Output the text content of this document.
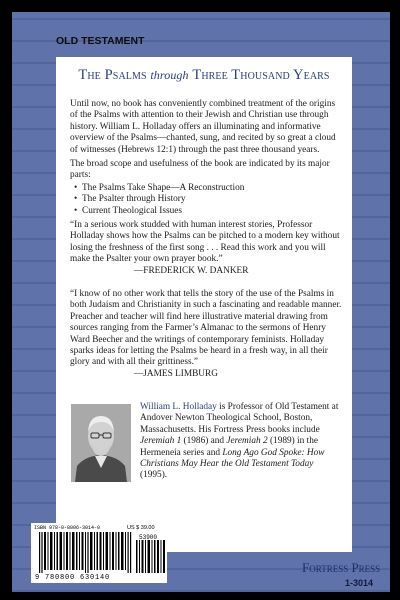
OLD TESTAMENT
The Psalms through Three Thousand Years
Until now, no book has conveniently combined treatment of the origins of the Psalms with attention to their Jewish and Christian use through history. William L. Holladay offers an illuminating and informative overview of the Psalms—chanted, sung, and recited by so great a cloud of witnesses (Hebrews 12:1) through the past three thousand years.
The broad scope and usefulness of the book are indicated by its major parts:
• The Psalms Take Shape—A Reconstruction
• The Psalter through History
• Current Theological Issues
“In a serious work studded with human interest stories, Professor Holladay shows how the Psalms can be pitched to a modern key without losing the freshness of the first song . . . Read this work and you will make the Psalter your own prayer book.”
—FREDERICK W. DANKER
“I know of no other work that tells the story of the use of the Psalms in both Judaism and Christianity in such a fascinating and readable manner. Preacher and teacher will find here illustrative material drawing from sources ranging from the Farmer’s Almanac to the sermons of Henry Ward Beecher and the writings of contemporary feminists. Holladay sparks ideas for letting the Psalms be heard in a fresh way, in all their glory and with all their grittiness.”
—JAMES LIMBURG
William L. Holladay is Professor of Old Testament at Andover Newton Theological School, Boston, Massachusetts. His Fortress Press books include Jeremiah 1 (1986) and Jeremiah 2 (1989) in the Hermeneia series and Long Ago God Spoke: How Christians May Hear the Old Testament Today (1995).
ISBN 978-0-8006-3014-0	US $ 39.00
53900
9 780800 630140
Fortress Press
1-3014
